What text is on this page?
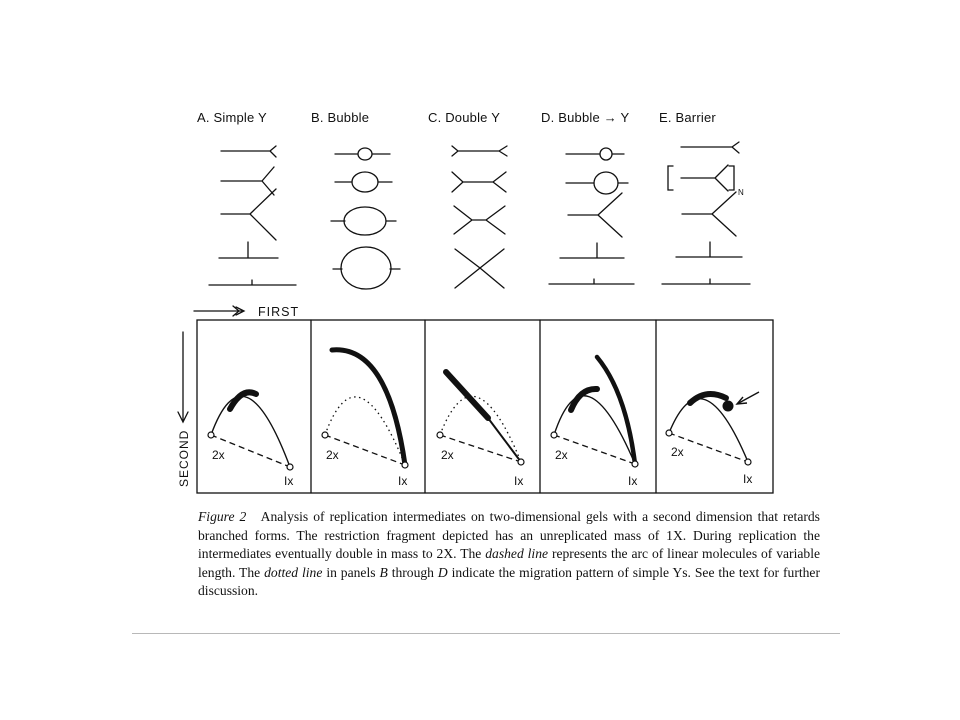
A. Simple Y	B. Bubble	C. Double Y	D. Bubble → Y E. Barrier
N
FIRST
SECOND 2x
Ix
2x
Ix
2x
Ix
2x
Ix
2x
Ix

Figure 2 Analysis of replication intermediates on two-dimensional gels with a second dimension that retards branched forms. The restriction fragment depicted has an unreplicated mass of 1X. During replication the intermediates eventually double in mass to 2X. The dashed line represents the arc of linear molecules of variable length. The dotted line in panels B through D indicate the migration pattern of simple Ys. See the text for further discussion.
